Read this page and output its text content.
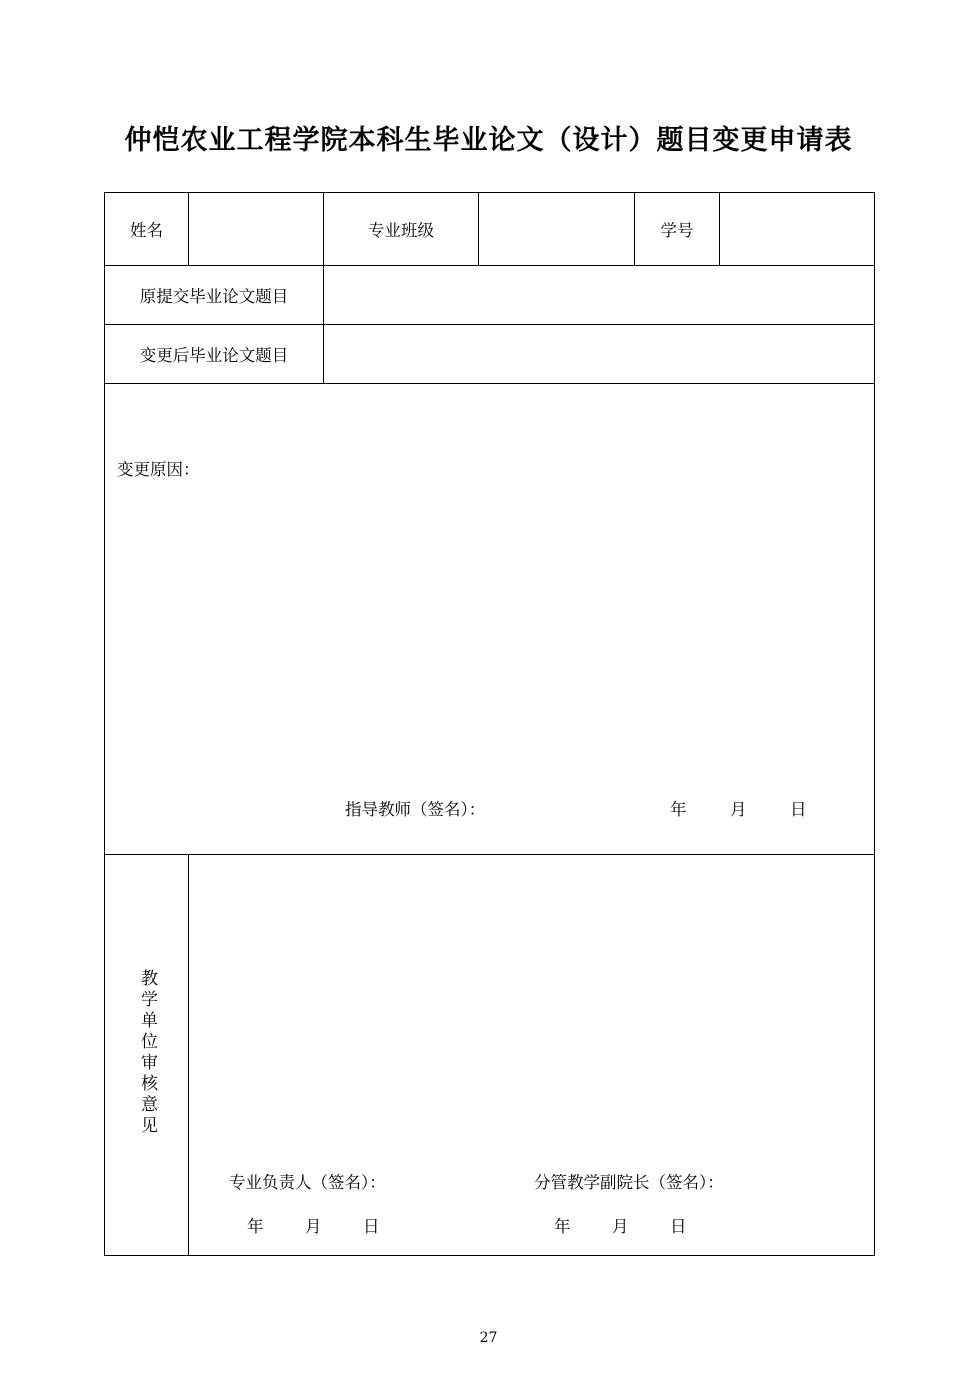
仲恺农业工程学院本科生毕业论文（设计）题目变更申请表
姓名		专业班级		学号	
原提交毕业论文题目					
变更后毕业论文题目					

变更原因：
指导教师（签名）： 年 月 日					

教学单位审核意见	专业负责人（签名）： 分管教学副院长（签名）：
年 月 日 年 月 日				
27
